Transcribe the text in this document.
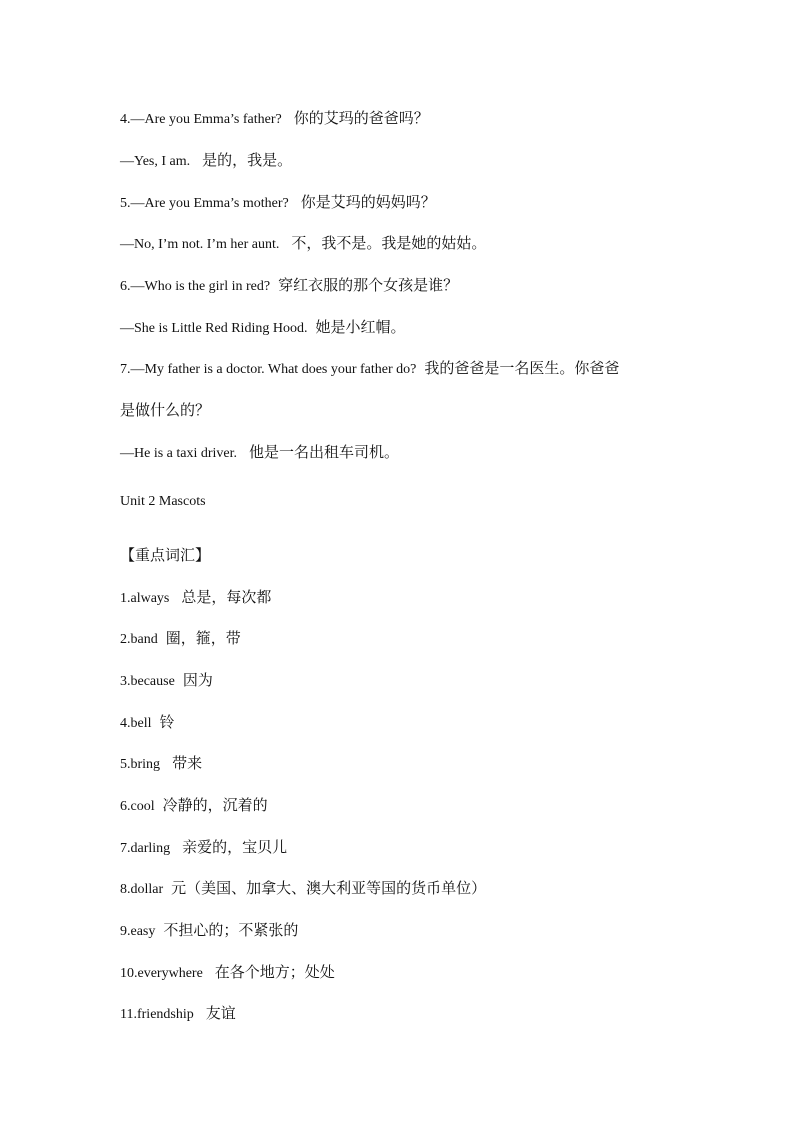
4.—Are you Emma’s father? 你的艾玛的爸爸吗？
—Yes, I am. 是的，我是。
5.—Are you Emma’s mother? 你是艾玛的妈妈吗？
—No, I’m not. I’m her aunt. 不，我不是。我是她的姑姑。
6.—Who is the girl in red? 穿红衣服的那个女孩是谁？
—She is Little Red Riding Hood. 她是小红帽。
7.—My father is a doctor. What does your father do? 我的爸爸是一名医生。你爸爸
是做什么的？
—He is a taxi driver. 他是一名出租车司机。
Unit 2 Mascots
【重点词汇】
1.always 总是，每次都
2.band 圈，箍，带
3.because 因为
4.bell 铃
5.bring 带来
6.cool 冷静的，沉着的
7.darling 亲爱的，宝贝儿
8.dollar 元（美国、加拿大、澳大利亚等国的货币单位）
9.easy 不担心的；不紧张的
10.everywhere 在各个地方；处处
11.friendship 友谊
